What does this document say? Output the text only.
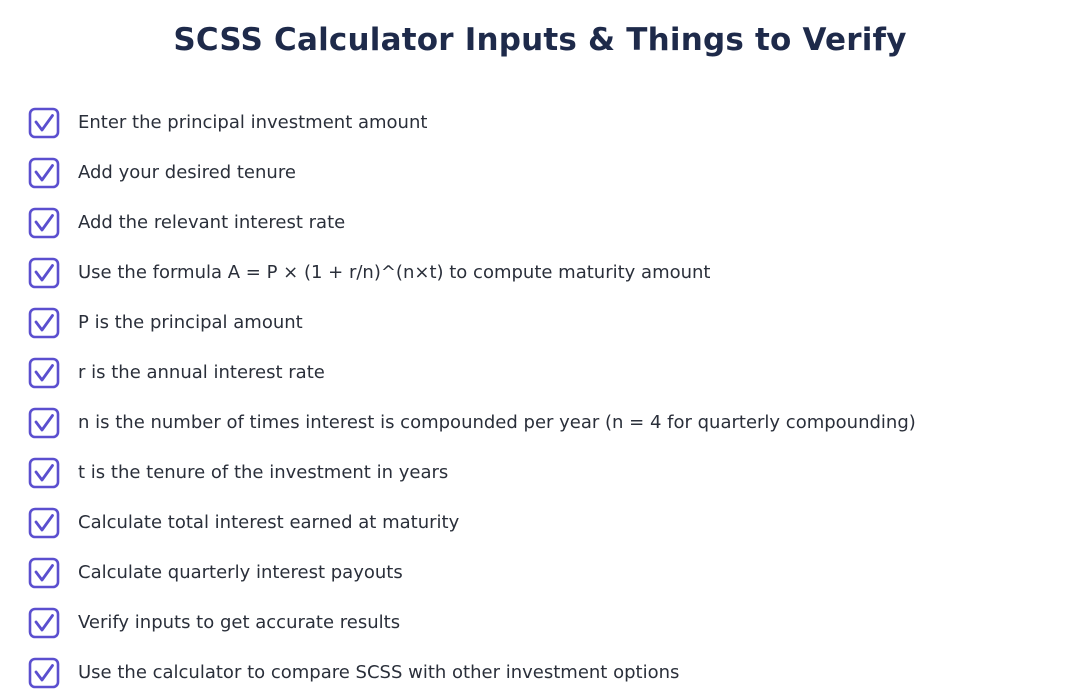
SCSS Calculator Inputs & Things to Verify
Enter the principal investment amount
Add your desired tenure
Add the relevant interest rate
Use the formula A = P × (1 + r/n)^(n×t) to compute maturity amount
P is the principal amount
r is the annual interest rate
n is the number of times interest is compounded per year (n = 4 for quarterly compounding)
t is the tenure of the investment in years
Calculate total interest earned at maturity
Calculate quarterly interest payouts
Verify inputs to get accurate results
Use the calculator to compare SCSS with other investment options
